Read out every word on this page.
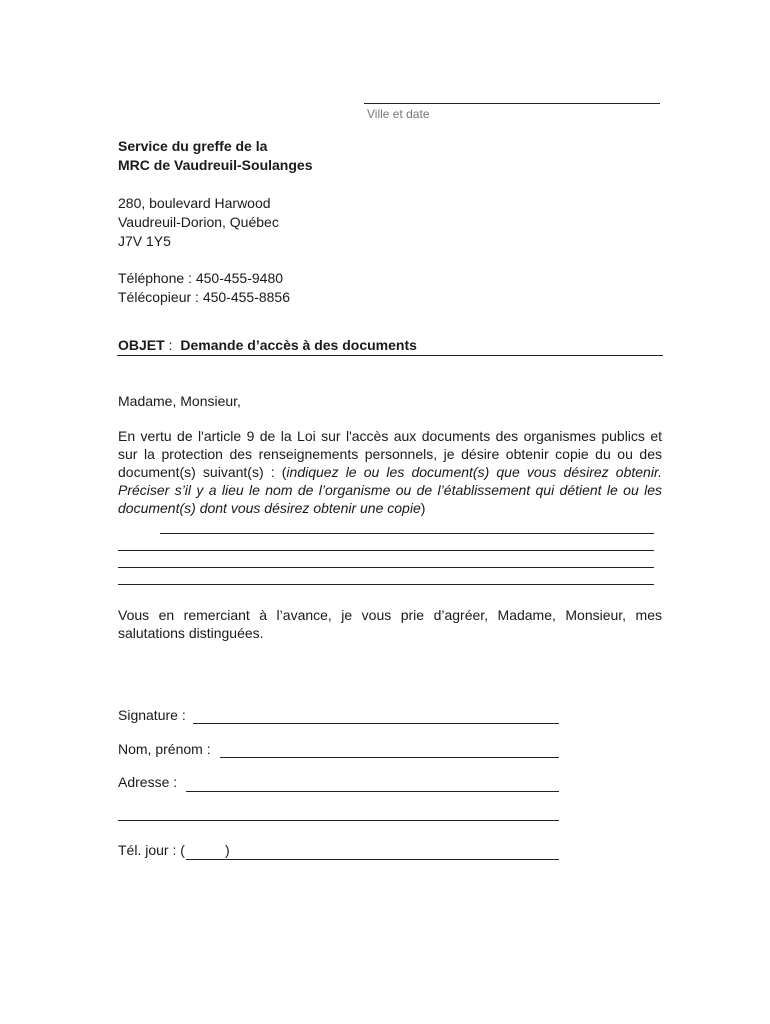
Ville et date
Service du greffe de la
MRC de Vaudreuil-Soulanges
280, boulevard Harwood
Vaudreuil-Dorion, Québec
J7V 1Y5
Téléphone : 450-455-9480
Télécopieur : 450-455-8856
OBJET : Demande d’accès à des documents
Madame, Monsieur,
En vertu de l'article 9 de la Loi sur l'accès aux documents des organismes publics et sur la protection des renseignements personnels, je désire obtenir copie du ou des document(s) suivant(s) : (indiquez le ou les document(s) que vous désirez obtenir. Préciser s’il y a lieu le nom de l’organisme ou de l’établissement qui détient le ou les document(s) dont vous désirez obtenir une copie)
Vous en remerciant à l’avance, je vous prie d’agréer, Madame, Monsieur, mes salutations distinguées.
Signature :
Nom, prénom :
Adresse :
Tél. jour : (	)
